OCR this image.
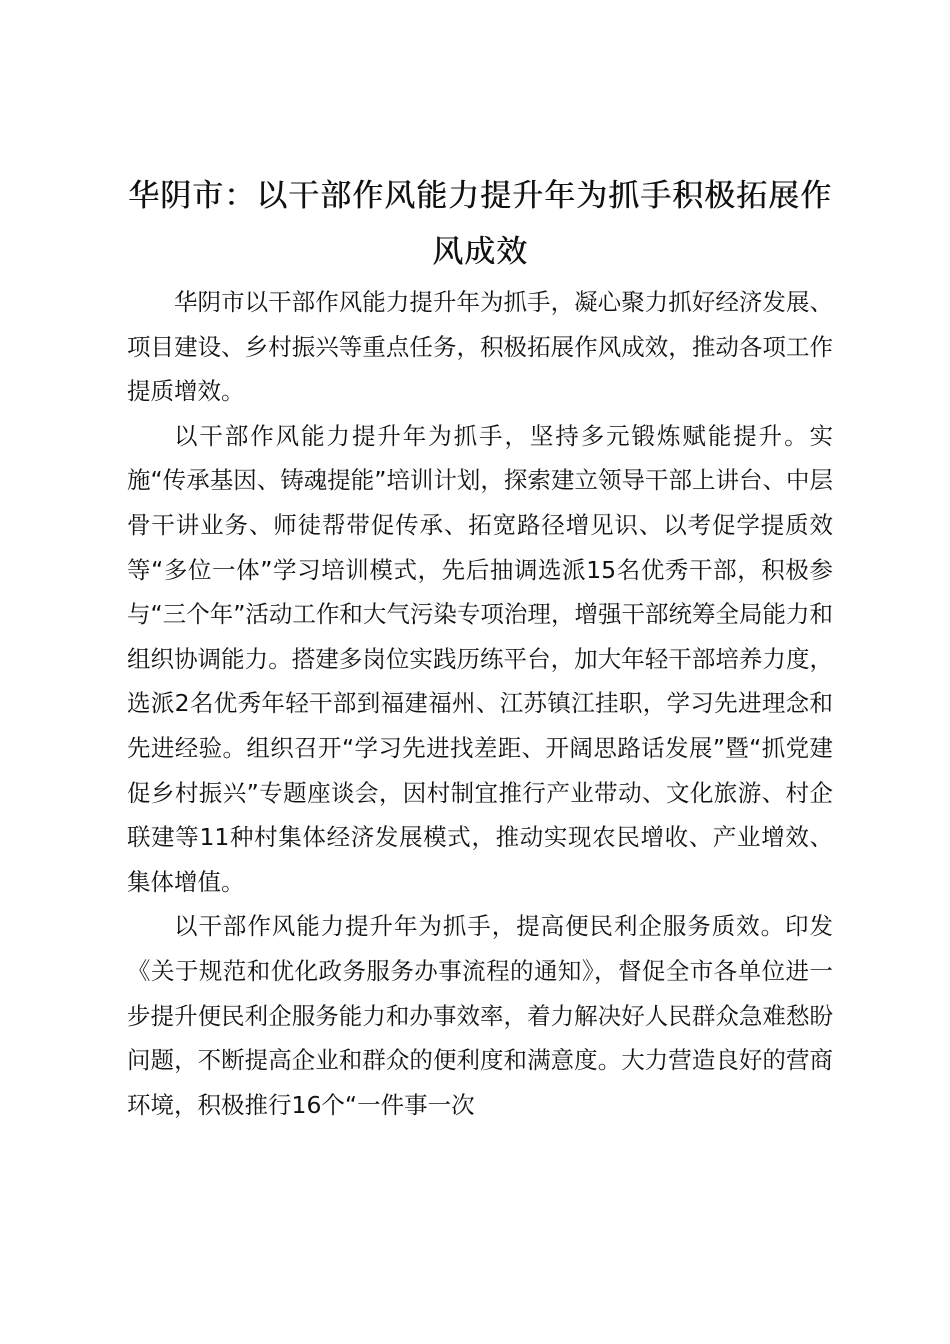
华阴市：以干部作风能力提升年为抓手积极拓展作风成效

华阴市以干部作风能力提升年为抓手，凝心聚力抓好经济发展、项目建设、乡村振兴等重点任务，积极拓展作风成效，推动各项工作提质增效。

以干部作风能力提升年为抓手，坚持多元锻炼赋能提升。实施“传承基因、铸魂提能”培训计划，探索建立领导干部上讲台、中层骨干讲业务、师徒帮带促传承、拓宽路径增见识、以考促学提质效等“多位一体”学习培训模式，先后抽调选派15名优秀干部，积极参与“三个年”活动工作和大气污染专项治理，增强干部统筹全局能力和组织协调能力。搭建多岗位实践历练平台，加大年轻干部培养力度，选派2名优秀年轻干部到福建福州、江苏镇江挂职，学习先进理念和先进经验。组织召开“学习先进找差距、开阔思路话发展”暨“抓党建促乡村振兴”专题座谈会，因村制宜推行产业带动、文化旅游、村企联建等11种村集体经济发展模式，推动实现农民增收、产业增效、集体增值。

以干部作风能力提升年为抓手，提高便民利企服务质效。印发《关于规范和优化政务服务办事流程的通知》，督促全市各单位进一步提升便民利企服务能力和办事效率，着力解决好人民群众急难愁盼问题，不断提高企业和群众的便利度和满意度。大力营造良好的营商环境，积极推行16个“一件事一次
